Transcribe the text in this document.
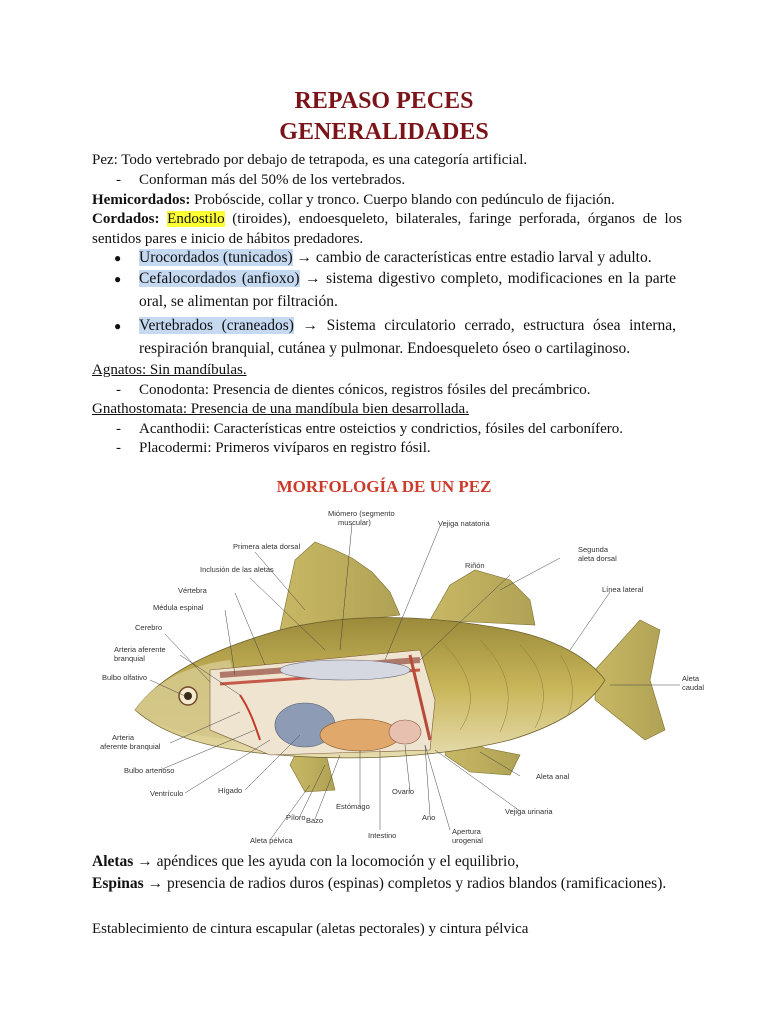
REPASO PECES
GENERALIDADES
Pez: Todo vertebrado por debajo de tetrapoda, es una categoría artificial.
- Conforman más del 50% de los vertebrados.
Hemicordados: Probóscide, collar y tronco. Cuerpo blando con pedúnculo de fijación.
Cordados: Endostilo (tiroides), endoesqueleto, bilaterales, faringe perforada, órganos de los sentidos pares e inicio de hábitos predadores.
● Urocordados (tunicados) → cambio de características entre estadio larval y adulto.
● Cefalocordados (anfioxo) → sistema digestivo completo, modificaciones en la parte oral, se alimentan por filtración.
● Vertebrados (craneados) → Sistema circulatorio cerrado, estructura ósea interna, respiración branquial, cutánea y pulmonar. Endoesqueleto óseo o cartilaginoso.
Agnatos: Sin mandíbulas.
- Conodonta: Presencia de dientes cónicos, registros fósiles del precámbrico.
Gnathostomata: Presencia de una mandíbula bien desarrollada.
- Acanthodii: Características entre osteictios y condrictios, fósiles del carbonífero.
- Placodermi: Primeros vivíparos en registro fósil.
MORFOLOGÍA DE UN PEZ
Miómero (segmento
muscular)	Vejiga natatoria
Primera aleta dorsal	Segunda
aleta dorsal
Riñón
Inclusión de las aletas
Línea lateral
Vértebra
Médula espinal
Cerebro
Arteria aferente
branquial
Bulbo olfativo	Aleta
caudal
Arteria
aferente branquial
Bulbo arterioso
Ventrículo	Hígado
Estómago
Ovario
Aleta anal
Píloro Bazo	Ano
Vejiga urinaria
Intestino	Apertura
urogenial
Aleta pélvica
Aletas → apéndices que les ayuda con la locomoción y el equilibrio,
Espinas → presencia de radios duros (espinas) completos y radios blandos (ramificaciones).
Establecimiento de cintura escapular (aletas pectorales) y cintura pélvica
